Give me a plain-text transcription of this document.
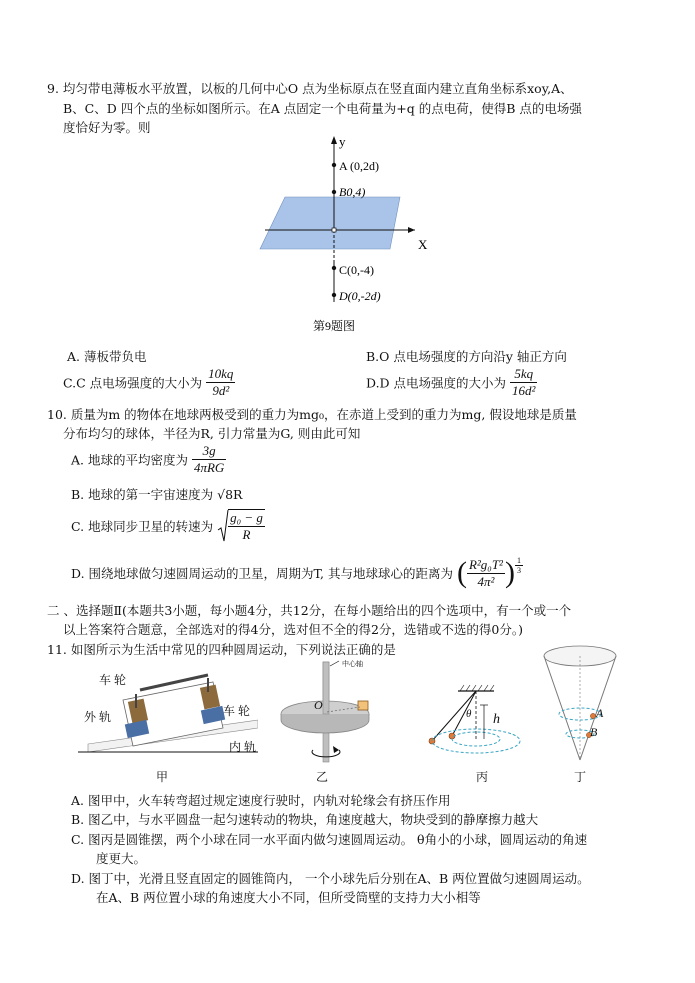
9. 均匀带电薄板水平放置，以板的几何中心O 点为坐标原点在竖直面内建立直角坐标系xoy,A、
B、C、D 四个点的坐标如图所示。在A 点固定一个电荷量为+q 的点电荷，使得B 点的电场强
度恰好为零。则
y
X
A (0,2d)
B0,4)
C(0,-4)
D(0,-2d)
第9题图
A. 薄板带负电	B.O 点电场强度的方向沿y 轴正方向
C.C 点电场强度的大小为 $\frac{10kq}{\text{9d²}}$	D.D 点电场强度的大小为 $\frac{5kq}{\text{16d²}}$
10. 质量为m 的物体在地球两极受到的重力为mg₀，在赤道上受到的重力为mg, 假设地球是质量
分布均匀的球体，半径为R, 引力常量为G, 则由此可知
A. 地球的平均密度为 $\frac{3g}{\text{4πRG}}$
B. 地球的第一宇宙速度为 √8R
C. 地球同步卫星的转速为 $\frac{\text{g₀ − g}}{R}$
D. 围绕地球做匀速圆周运动的卫星，周期为T, 其与地球球心的距离为 ( $\frac{\text{R²g₀T²}}{\text{4π²}}$ ) $\frac{1}{3}$
二 、选择题Ⅱ(本题共3小题，每小题4分，共12分，在每小题给出的四个选项中，有一个或一个
以上答案符合题意，全部选对的得4分，选对但不全的得2分，选错或不选的得0分。)
11. 如图所示为生活中常见的四种圆周运动，下列说法正确的是
车 轮
外 轨	车 轮
内 轨
甲
中心轴
O
乙
θ h
丙
A
B
丁
A. 图甲中，火车转弯超过规定速度行驶时，内轨对轮缘会有挤压作用
B. 图乙中，与水平圆盘一起匀速转动的物块，角速度越大，物块受到的静摩擦力越大
C. 图丙是圆锥摆，两个小球在同一水平面内做匀速圆周运动。 θ角小的小球，圆周运动的角速
度更大。
D. 图丁中，光滑且竖直固定的圆锥筒内， 一个小球先后分别在A、B 两位置做匀速圆周运动。
在A、B 两位置小球的角速度大小不同，但所受筒壁的支持力大小相等
